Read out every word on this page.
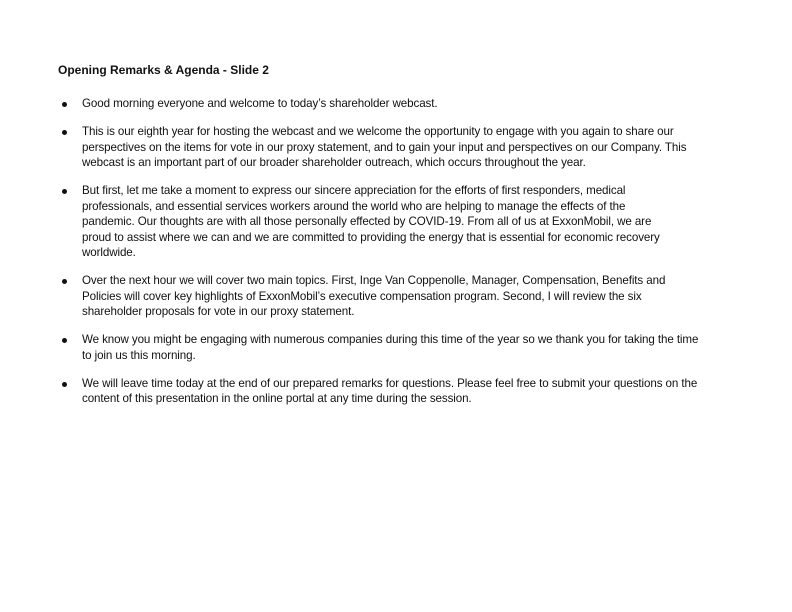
Opening Remarks & Agenda - Slide 2
Good morning everyone and welcome to today’s shareholder webcast.
This is our eighth year for hosting the webcast and we welcome the opportunity to engage with you again to share our
perspectives on the items for vote in our proxy statement, and to gain your input and perspectives on our Company. This
webcast is an important part of our broader shareholder outreach, which occurs throughout the year.
But first, let me take a moment to express our sincere appreciation for the efforts of first responders, medical
professionals, and essential services workers around the world who are helping to manage the effects of the
pandemic. Our thoughts are with all those personally effected by COVID-19. From all of us at ExxonMobil, we are
proud to assist where we can and we are committed to providing the energy that is essential for economic recovery
worldwide.
Over the next hour we will cover two main topics. First, Inge Van Coppenolle, Manager, Compensation, Benefits and
Policies will cover key highlights of ExxonMobil’s executive compensation program. Second, I will review the six
shareholder proposals for vote in our proxy statement.
We know you might be engaging with numerous companies during this time of the year so we thank you for taking the time
to join us this morning.
We will leave time today at the end of our prepared remarks for questions. Please feel free to submit your questions on the
content of this presentation in the online portal at any time during the session.
